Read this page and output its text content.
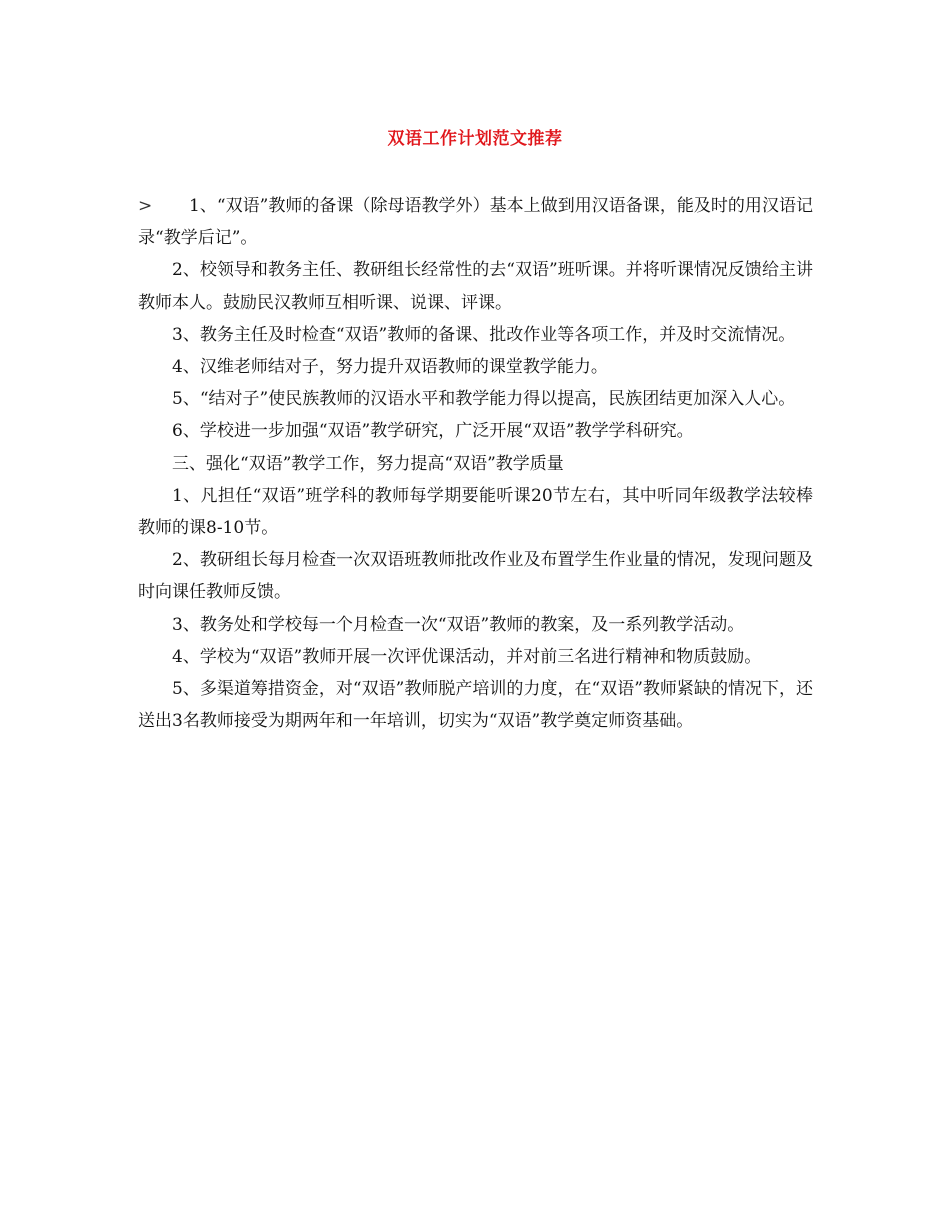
双语工作计划范文推荐

> 1、“双语”教师的备课（除母语教学外）基本上做到用汉语备课，能及时的用汉语记录“教学后记”。

2、校领导和教务主任、教研组长经常性的去“双语”班听课。并将听课情况反馈给主讲教师本人。鼓励民汉教师互相听课、说课、评课。

3、教务主任及时检查“双语”教师的备课、批改作业等各项工作，并及时交流情况。

4、汉维老师结对子，努力提升双语教师的课堂教学能力。

5、“结对子”使民族教师的汉语水平和教学能力得以提高，民族团结更加深入人心。

6、学校进一步加强“双语”教学研究，广泛开展“双语”教学学科研究。

三、强化“双语”教学工作，努力提高“双语”教学质量

1、凡担任“双语”班学科的教师每学期要能听课20节左右，其中听同年级教学法较棒教师的课8-10节。

2、教研组长每月检查一次双语班教师批改作业及布置学生作业量的情况，发现问题及时向课任教师反馈。

3、教务处和学校每一个月检查一次“双语”教师的教案，及一系列教学活动。

4、学校为“双语”教师开展一次评优课活动，并对前三名进行精神和物质鼓励。

5、多渠道筹措资金，对“双语”教师脱产培训的力度，在“双语”教师紧缺的情况下，还送出3名教师接受为期两年和一年培训，切实为“双语”教学奠定师资基础。
